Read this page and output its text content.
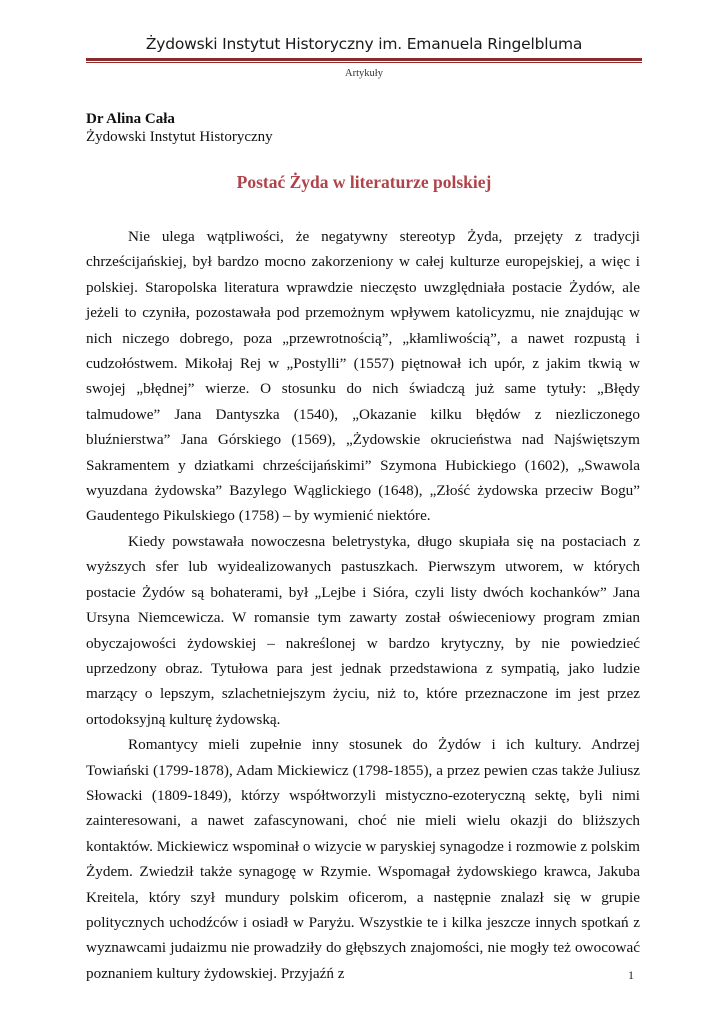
Żydowski Instytut Historyczny im. Emanuela Ringelbluma
Artykuły
Dr Alina Cała
Żydowski Instytut Historyczny
Postać Żyda w literaturze polskiej

Nie ulega wątpliwości, że negatywny stereotyp Żyda, przejęty z tradycji chrześcijańskiej, był bardzo mocno zakorzeniony w całej kulturze europejskiej, a więc i polskiej. Staropolska literatura wprawdzie nieczęsto uwzględniała postacie Żydów, ale jeżeli to czyniła, pozostawała pod przemożnym wpływem katolicyzmu, nie znajdując w nich niczego dobrego, poza „przewrotnością”, „kłamliwością”, a nawet rozpustą i cudzołóstwem. Mikołaj Rej w „Postylli” (1557) piętnował ich upór, z jakim tkwią w swojej „błędnej” wierze. O stosunku do nich świadczą już same tytuły: „Błędy talmudowe” Jana Dantyszka (1540), „Okazanie kilku błędów z niezliczonego bluźnierstwa” Jana Górskiego (1569), „Żydowskie okrucieństwa nad Najświętszym Sakramentem y dziatkami chrześcijańskimi” Szymona Hubickiego (1602), „Swawola wyuzdana żydowska” Bazylego Wąglickiego (1648), „Złość żydowska przeciw Bogu” Gaudentego Pikulskiego (1758) – by wymienić niektóre.

Kiedy powstawała nowoczesna beletrystyka, długo skupiała się na postaciach z wyższych sfer lub wyidealizowanych pastuszkach. Pierwszym utworem, w których postacie Żydów są bohaterami, był „Lejbe i Sióra, czyli listy dwóch kochanków” Jana Ursyna Niemcewicza. W romansie tym zawarty został oświeceniowy program zmian obyczajowości żydowskiej – nakreślonej w bardzo krytyczny, by nie powiedzieć uprzedzony obraz. Tytułowa para jest jednak przedstawiona z sympatią, jako ludzie marzący o lepszym, szlachetniejszym życiu, niż to, które przeznaczone im jest przez ortodoksyjną kulturę żydowską.

Romantycy mieli zupełnie inny stosunek do Żydów i ich kultury. Andrzej Towiański (1799-1878), Adam Mickiewicz (1798-1855), a przez pewien czas także Juliusz Słowacki (1809-1849), którzy współtworzyli mistyczno-ezoteryczną sektę, byli nimi zainteresowani, a nawet zafascynowani, choć nie mieli wielu okazji do bliższych kontaktów. Mickiewicz wspominał o wizycie w paryskiej synagodze i rozmowie z polskim Żydem. Zwiedził także synagogę w Rzymie. Wspomagał żydowskiego krawca, Jakuba Kreitela, który szył mundury polskim oficerom, a następnie znalazł się w grupie politycznych uchodźców i osiadł w Paryżu. Wszystkie te i kilka jeszcze innych spotkań z wyznawcami judaizmu nie prowadziły do głębszych znajomości, nie mogły też owocować poznaniem kultury żydowskiej. Przyjaźń z	1
